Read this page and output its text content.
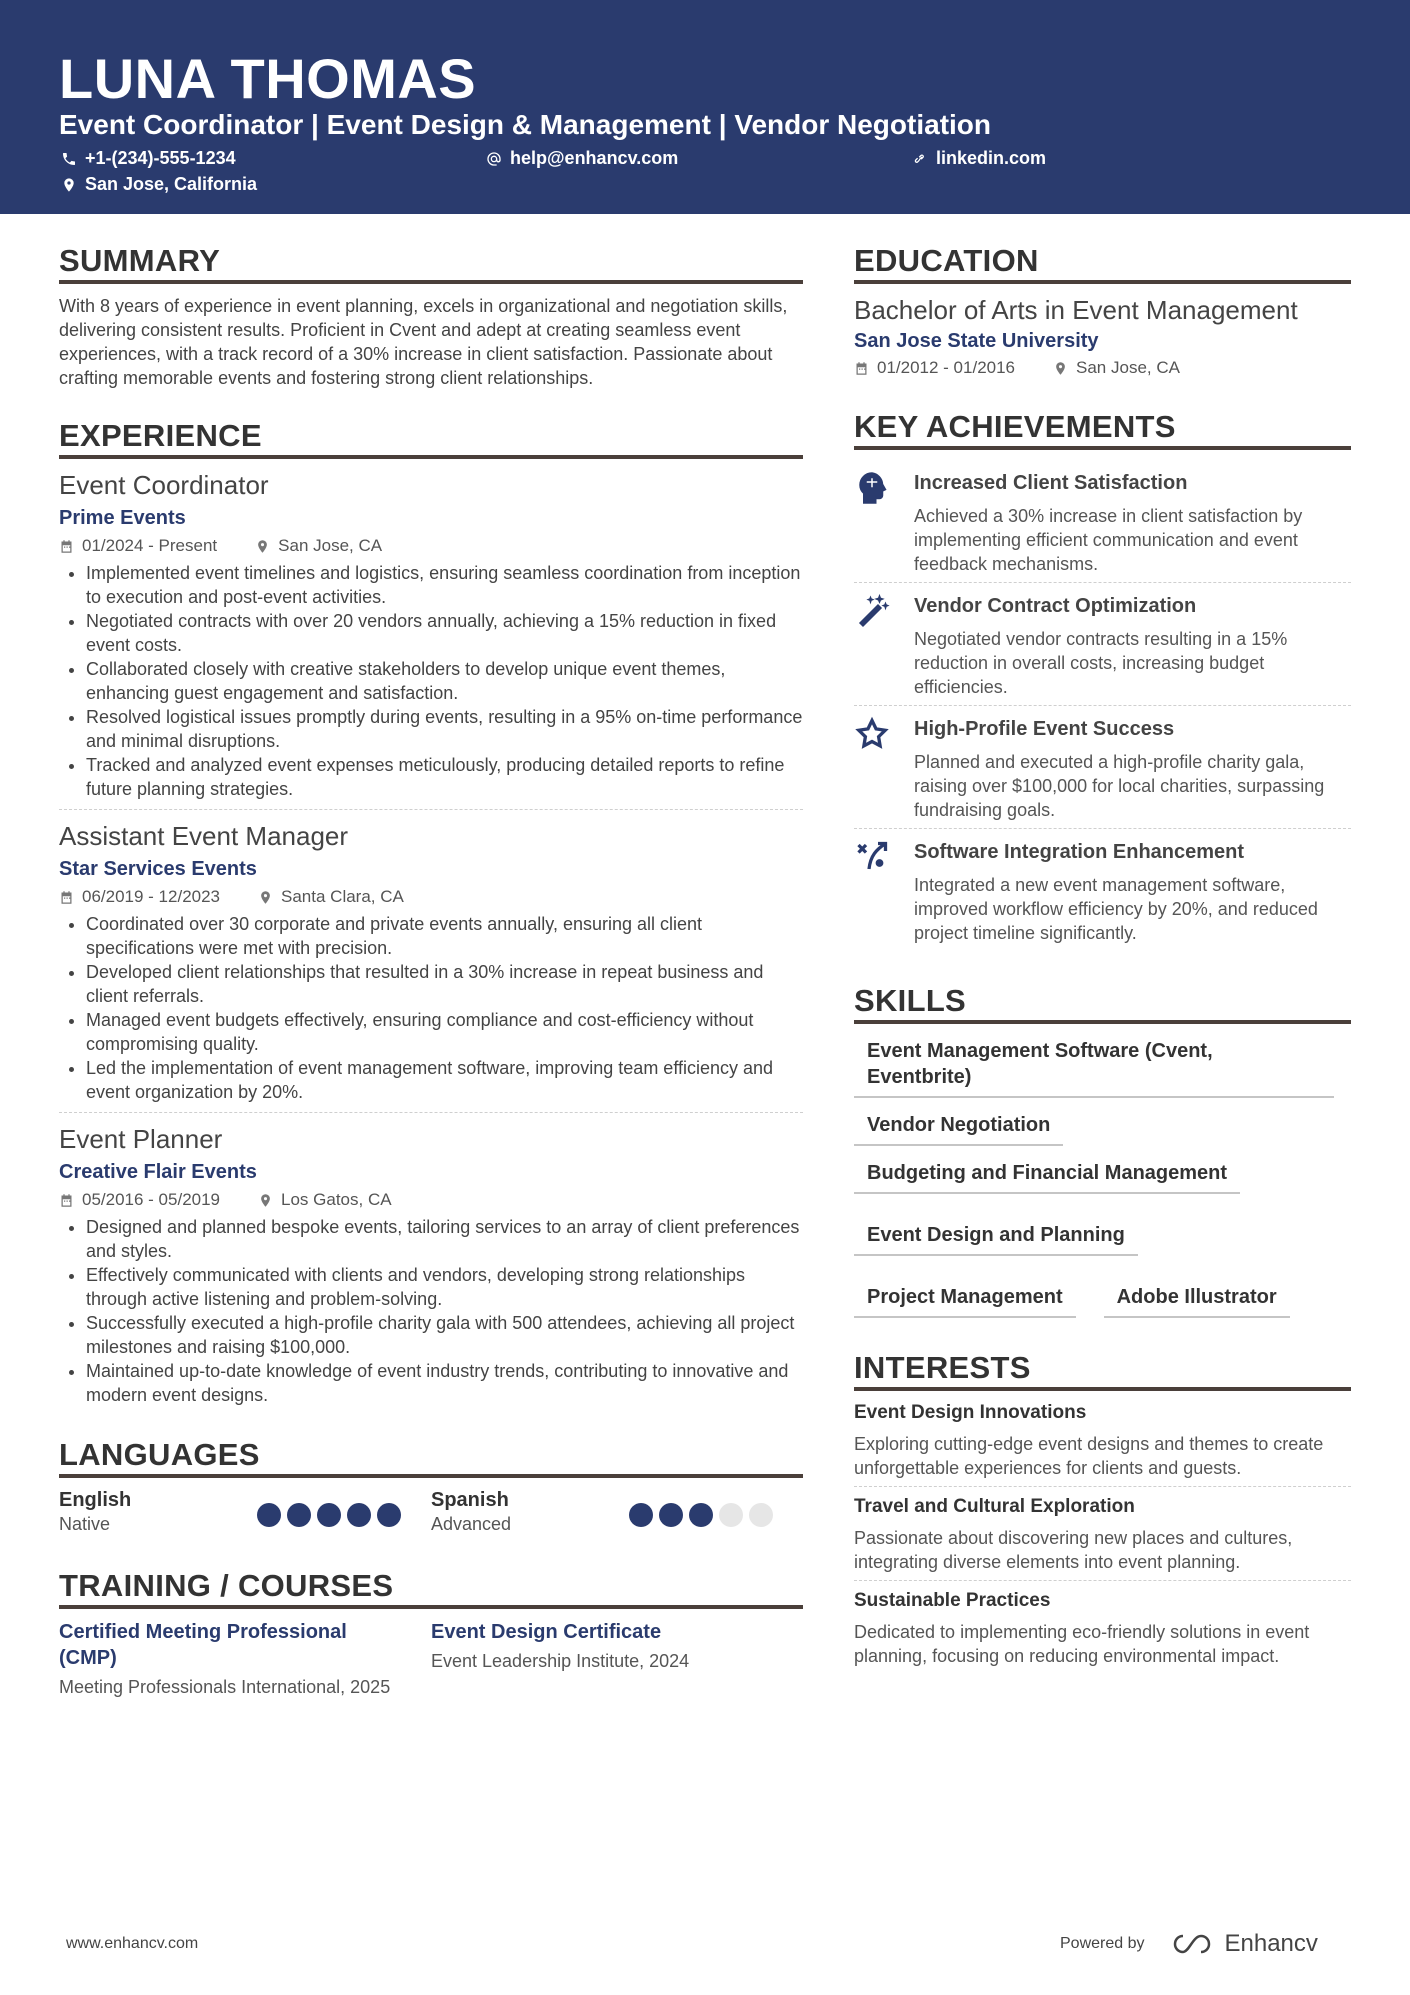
LUNA THOMAS
Event Coordinator | Event Design & Management | Vendor Negotiation
+1-(234)-555-1234	help@enhancv.com	linkedin.com
San Jose, California
SUMMARY
With 8 years of experience in event planning, excels in organizational and negotiation skills, delivering consistent results. Proficient in Cvent and adept at creating seamless event experiences, with a track record of a 30% increase in client satisfaction. Passionate about crafting memorable events and fostering strong client relationships.
EXPERIENCE
Event Coordinator
Prime Events
01/2024 - Present	San Jose, CA
• Implemented event timelines and logistics, ensuring seamless coordination from inception to execution and post-event activities.
• Negotiated contracts with over 20 vendors annually, achieving a 15% reduction in fixed event costs.
• Collaborated closely with creative stakeholders to develop unique event themes, enhancing guest engagement and satisfaction.
• Resolved logistical issues promptly during events, resulting in a 95% on-time performance and minimal disruptions.
• Tracked and analyzed event expenses meticulously, producing detailed reports to refine future planning strategies.
Assistant Event Manager
Star Services Events
06/2019 - 12/2023	Santa Clara, CA
• Coordinated over 30 corporate and private events annually, ensuring all client specifications were met with precision.
• Developed client relationships that resulted in a 30% increase in repeat business and client referrals.
• Managed event budgets effectively, ensuring compliance and cost-efficiency without compromising quality.
• Led the implementation of event management software, improving team efficiency and event organization by 20%.
Event Planner
Creative Flair Events
05/2016 - 05/2019	Los Gatos, CA
• Designed and planned bespoke events, tailoring services to an array of client preferences and styles.
• Effectively communicated with clients and vendors, developing strong relationships through active listening and problem-solving.
• Successfully executed a high-profile charity gala with 500 attendees, achieving all project milestones and raising $100,000.
• Maintained up-to-date knowledge of event industry trends, contributing to innovative and modern event designs.
LANGUAGES
English
Native
Spanish
Advanced
TRAINING / COURSES
Certified Meeting Professional (CMP)
Meeting Professionals International, 2025
Event Design Certificate
Event Leadership Institute, 2024
EDUCATION
Bachelor of Arts in Event Management
San Jose State University
01/2012 - 01/2016	San Jose, CA
KEY ACHIEVEMENTS
Increased Client Satisfaction
Achieved a 30% increase in client satisfaction by implementing efficient communication and event feedback mechanisms.
Vendor Contract Optimization
Negotiated vendor contracts resulting in a 15% reduction in overall costs, increasing budget efficiencies.
High-Profile Event Success
Planned and executed a high-profile charity gala, raising over $100,000 for local charities, surpassing fundraising goals.
Software Integration Enhancement
Integrated a new event management software, improved workflow efficiency by 20%, and reduced project timeline significantly.
SKILLS
Event Management Software (Cvent, Eventbrite)
Vendor Negotiation
Budgeting and Financial Management
Event Design and Planning
Project Management	Adobe Illustrator
INTERESTS
Event Design Innovations
Exploring cutting-edge event designs and themes to create unforgettable experiences for clients and guests.
Travel and Cultural Exploration
Passionate about discovering new places and cultures, integrating diverse elements into event planning.
Sustainable Practices
Dedicated to implementing eco-friendly solutions in event planning, focusing on reducing environmental impact.
www.enhancv.com	Powered by	Enhancv
